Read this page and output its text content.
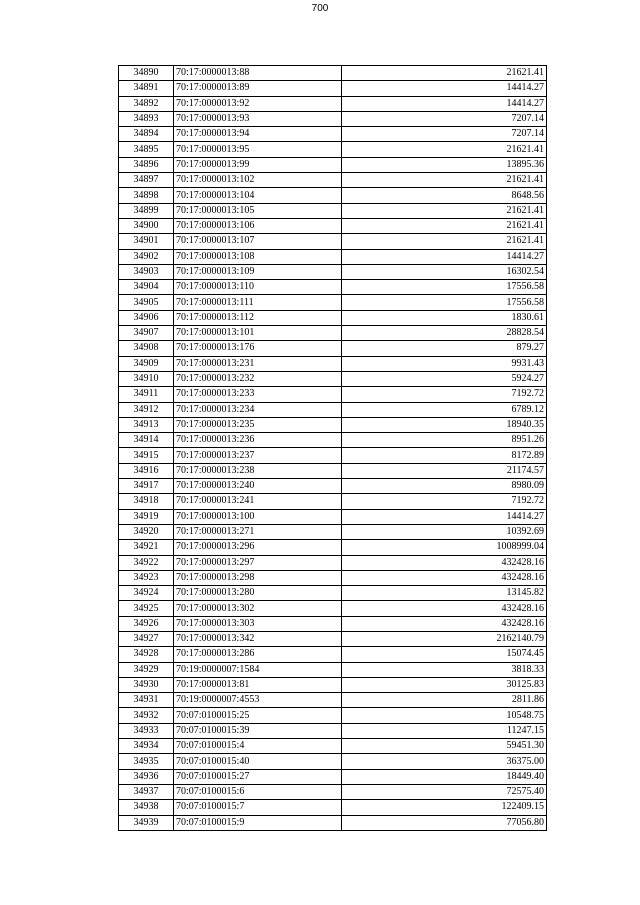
700
34890	70:17:0000013:88	21621.41
34891	70:17:0000013:89	14414.27
34892	70:17:0000013:92	14414.27
34893	70:17:0000013:93	7207.14
34894	70:17:0000013:94	7207.14
34895	70:17:0000013:95	21621.41
34896	70:17:0000013:99	13895.36
34897	70:17:0000013:102	21621.41
34898	70:17:0000013:104	8648.56
34899	70:17:0000013:105	21621.41
34900	70:17:0000013:106	21621.41
34901	70:17:0000013:107	21621.41
34902	70:17:0000013:108	14414.27
34903	70:17:0000013:109	16302.54
34904	70:17:0000013:110	17556.58
34905	70:17:0000013:111	17556.58
34906	70:17:0000013:112	1830.61
34907	70:17:0000013:101	28828.54
34908	70:17:0000013:176	879.27
34909	70:17:0000013:231	9931.43
34910	70:17:0000013:232	5924.27
34911	70:17:0000013:233	7192.72
34912	70:17:0000013:234	6789.12
34913	70:17:0000013:235	18940.35
34914	70:17:0000013:236	8951.26
34915	70:17:0000013:237	8172.89
34916	70:17:0000013:238	21174.57
34917	70:17:0000013:240	8980.09
34918	70:17:0000013:241	7192.72
34919	70:17:0000013:100	14414.27
34920	70:17:0000013:271	10392.69
34921	70:17:0000013:296	1008999.04
34922	70:17:0000013:297	432428.16
34923	70:17:0000013:298	432428.16
34924	70:17:0000013:280	13145.82
34925	70:17:0000013:302	432428.16
34926	70:17:0000013:303	432428.16
34927	70:17:0000013:342	2162140.79
34928	70:17:0000013:286	15074.45
34929	70:19:0000007:1584	3818.33
34930	70:17:0000013:81	30125.83
34931	70:19:0000007:4553	2811.86
34932	70:07:0100015:25	10548.75
34933	70:07:0100015:39	11247.15
34934	70:07:0100015:4	59451.30
34935	70:07:0100015:40	36375.00
34936	70:07:0100015:27	18449.40
34937	70:07:0100015:6	72575.40
34938	70:07:0100015:7	122409.15
34939	70:07:0100015:9	77056.80
